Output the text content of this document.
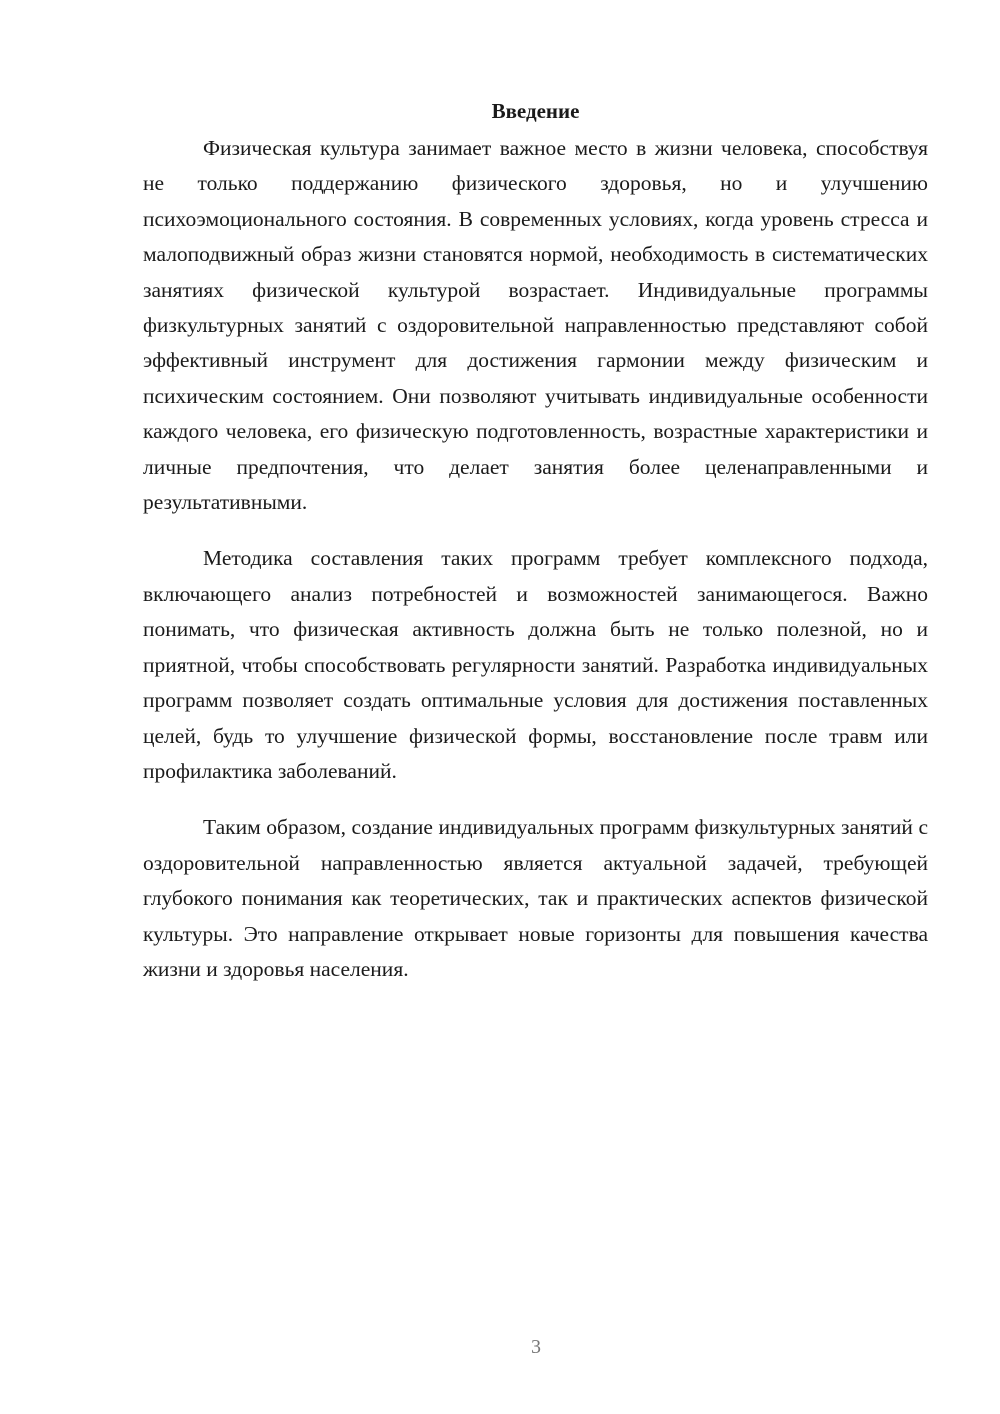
Введение

Физическая культура занимает важное место в жизни человека, способствуя не только поддержанию физического здоровья, но и улучшению психоэмоционального состояния. В современных условиях, когда уровень стресса и малоподвижный образ жизни становятся нормой, необходимость в систематических занятиях физической культурой возрастает. Индивидуальные программы физкультурных занятий с оздоровительной направленностью представляют собой эффективный инструмент для достижения гармонии между физическим и психическим состоянием. Они позволяют учитывать индивидуальные особенности каждого человека, его физическую подготовленность, возрастные характеристики и личные предпочтения, что делает занятия более целенаправленными и результативными.

Методика составления таких программ требует комплексного подхода, включающего анализ потребностей и возможностей занимающегося. Важно понимать, что физическая активность должна быть не только полезной, но и приятной, чтобы способствовать регулярности занятий. Разработка индивидуальных программ позволяет создать оптимальные условия для достижения поставленных целей, будь то улучшение физической формы, восстановление после травм или профилактика заболеваний.

Таким образом, создание индивидуальных программ физкультурных занятий с оздоровительной направленностью является актуальной задачей, требующей глубокого понимания как теоретических, так и практических аспектов физической культуры. Это направление открывает новые горизонты для повышения качества жизни и здоровья населения.

3
